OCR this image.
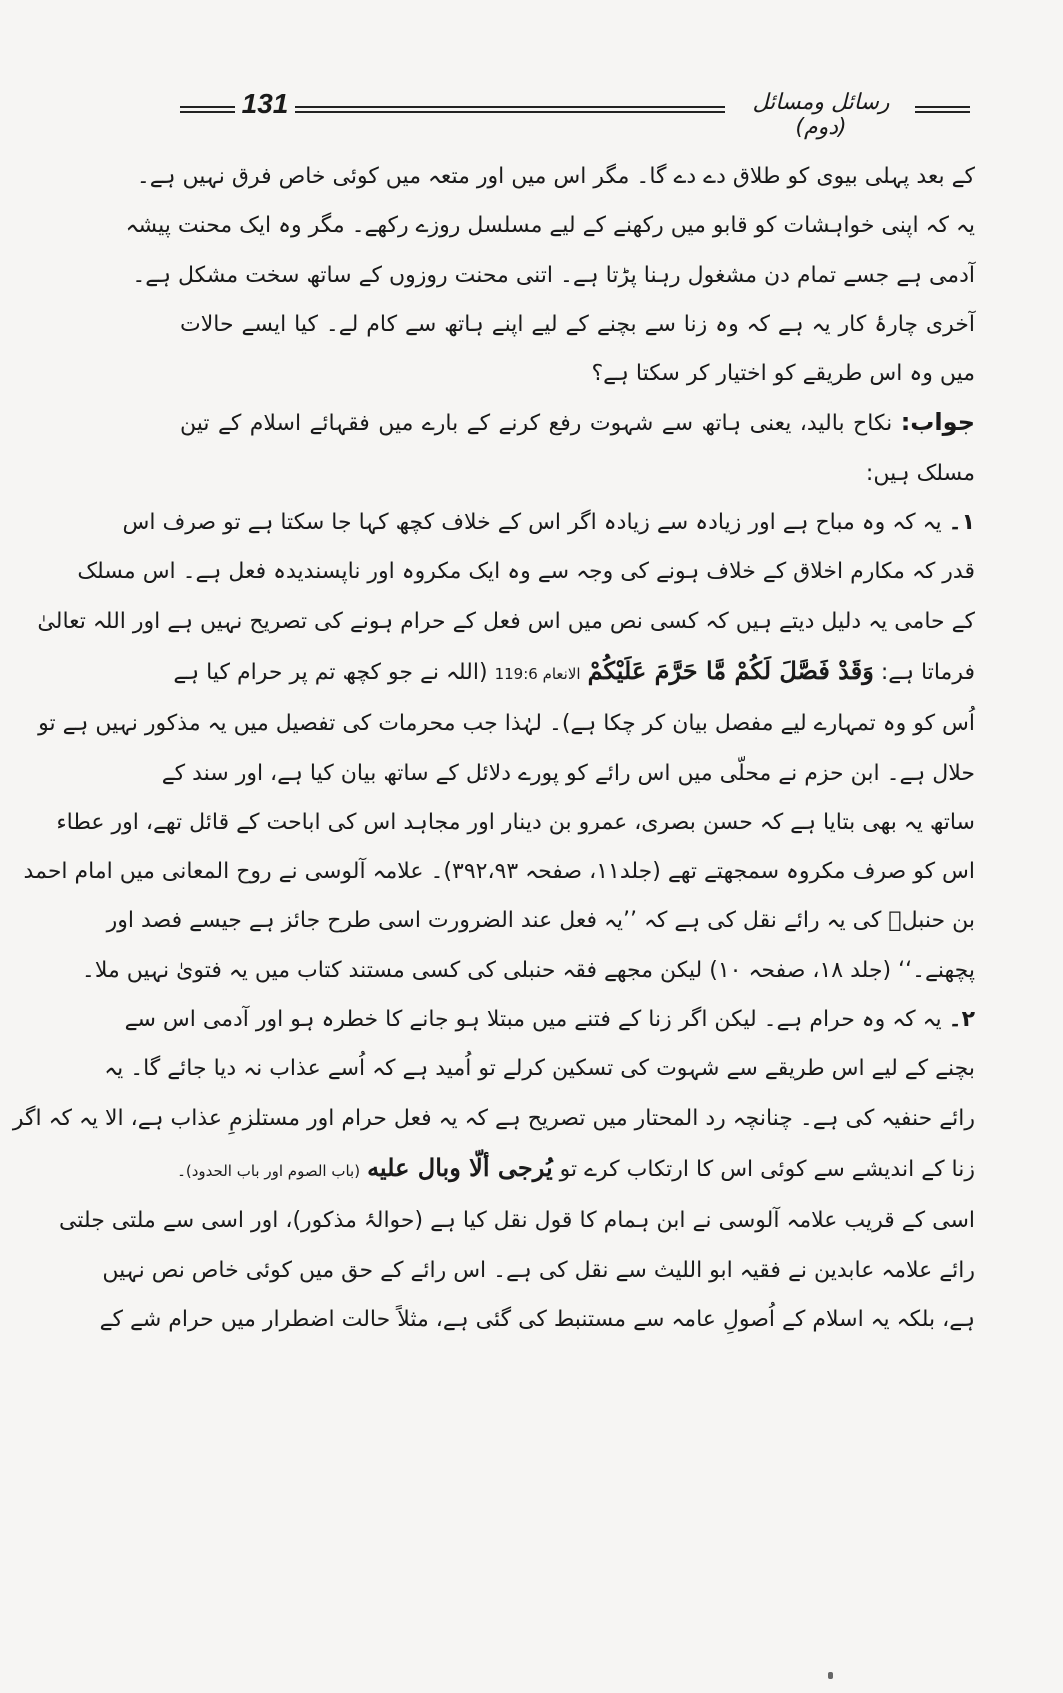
131	رسائل ومسائل (دوم)
کے بعد پہلی بیوی کو طلاق دے دے گا۔ مگر اس میں اور متعہ میں کوئی خاص فرق نہیں ہے۔
یہ کہ اپنی خواہشات کو قابو میں رکھنے کے لیے مسلسل روزے رکھے۔ مگر وہ ایک محنت پیشہ
آدمی ہے جسے تمام دن مشغول رہنا پڑتا ہے۔ اتنی محنت روزوں کے ساتھ سخت مشکل ہے۔
آخری چارۂ کار یہ ہے کہ وہ زنا سے بچنے کے لیے اپنے ہاتھ سے کام لے۔ کیا ایسے حالات
میں وہ اس طریقے کو اختیار کر سکتا ہے؟
جواب: نکاح بالید، یعنی ہاتھ سے شہوت رفع کرنے کے بارے میں فقہائے اسلام کے تین
مسلک ہیں:
۱۔ یہ کہ وہ مباح ہے اور زیادہ سے زیادہ اگر اس کے خلاف کچھ کہا جا سکتا ہے تو صرف اس
قدر کہ مکارم اخلاق کے خلاف ہونے کی وجہ سے وہ ایک مکروہ اور ناپسندیدہ فعل ہے۔ اس مسلک
کے حامی یہ دلیل دیتے ہیں کہ کسی نص میں اس فعل کے حرام ہونے کی تصریح نہیں ہے اور اللہ تعالیٰ
فرماتا ہے: وَقَدْ فَصَّلَ لَكُمْ مَّا حَرَّمَ عَلَيْكُمْ الانعام 119:6 (اللہ نے جو کچھ تم پر حرام کیا ہے
اُس کو وہ تمہارے لیے مفصل بیان کر چکا ہے)۔ لہٰذا جب محرمات کی تفصیل میں یہ مذکور نہیں ہے تو
حلال ہے۔ ابن حزم نے محلّی میں اس رائے کو پورے دلائل کے ساتھ بیان کیا ہے، اور سند کے
ساتھ یہ بھی بتایا ہے کہ حسن بصری، عمرو بن دینار اور مجاہد اس کی اباحت کے قائل تھے، اور عطاء
اس کو صرف مکروہ سمجھتے تھے (جلد۱۱، صفحہ ۳۹۲،۹۳)۔ علامہ آلوسی نے روح المعانی میں امام احمد
بن حنبلؒ کی یہ رائے نقل کی ہے کہ ’’یہ فعل عند الضرورت اسی طرح جائز ہے جیسے فصد اور
پچھنے۔‘‘ (جلد ۱۸، صفحہ ۱۰) لیکن مجھے فقہ حنبلی کی کسی مستند کتاب میں یہ فتویٰ نہیں ملا۔
۲۔ یہ کہ وہ حرام ہے۔ لیکن اگر زنا کے فتنے میں مبتلا ہو جانے کا خطرہ ہو اور آدمی اس سے
بچنے کے لیے اس طریقے سے شہوت کی تسکین کرلے تو اُمید ہے کہ اُسے عذاب نہ دیا جائے گا۔ یہ
رائے حنفیہ کی ہے۔ چنانچہ رد المحتار میں تصریح ہے کہ یہ فعل حرام اور مستلزمِ عذاب ہے، الا یہ کہ اگر
زنا کے اندیشے سے کوئی اس کا ارتکاب کرے تو يُرجى ألّا وبال عليه (باب الصوم اور باب الحدود)۔
اسی کے قریب علامہ آلوسی نے ابن ہمام کا قول نقل کیا ہے (حوالۂ مذکور)، اور اسی سے ملتی جلتی
رائے علامہ عابدین نے فقیہ ابو اللیث سے نقل کی ہے۔ اس رائے کے حق میں کوئی خاص نص نہیں
ہے، بلکہ یہ اسلام کے اُصولِ عامہ سے مستنبط کی گئی ہے، مثلاً حالت اضطرار میں حرام شے کے
